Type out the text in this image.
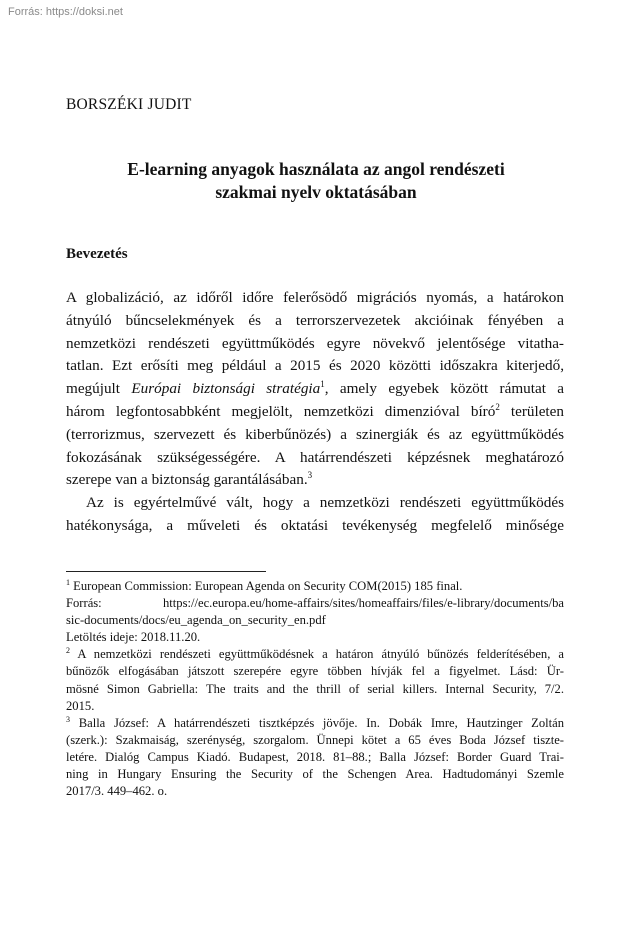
Forrás: https://doksi.net
BORSZÉKI JUDIT
E-learning anyagok használata az angol rendészeti
szakmai nyelv oktatásában
Bevezetés

A globalizáció, az időről időre felerősödő migrációs nyomás, a határokon
átnyúló bűncselekmények és a terrorszervezetek akcióinak fényében a
nemzetközi rendészeti együttműködés egyre növekvő jelentősége vitatha-
tatlan. Ezt erősíti meg például a 2015 és 2020 közötti időszakra kiterjedő,
megújult Európai biztonsági stratégia$^1$, amely egyebek között rámutat a
három legfontosabbként megjelölt, nemzetközi dimenzióval bíró$^2$ területen
(terrorizmus, szervezett és kiberbűnözés) a szinergiák és az együttműködés
fokozásának szükségességére. A határrendészeti képzésnek meghatározó
szerepe van a biztonság garantálásában.$^3$

Az is egyértelművé vált, hogy a nemzetközi rendészeti együttműködés
hatékonysága, a műveleti és oktatási tevékenység megfelelő minősége

$^1$ European Commission: European Agenda on Security COM(2015) 185 final.
Forrás: https://ec.europa.eu/home-affairs/sites/homeaffairs/files/e-library/documents/ba
sic-documents/docs/eu_agenda_on_security_en.pdf
Letöltés ideje: 2018.11.20.
$^2$ A nemzetközi rendészeti együttműködésnek a határon átnyúló bűnözés felderítésében, a
bűnözők elfogásában játszott szerepére egyre többen hívják fel a figyelmet. Lásd: Ür-
mösné Simon Gabriella: The traits and the thrill of serial killers. Internal Security, 7/2.
2015.
$^3$ Balla József: A határrendészeti tisztképzés jövője. In. Dobák Imre, Hautzinger Zoltán
(szerk.): Szakmaiság, szerénység, szorgalom. Ünnepi kötet a 65 éves Boda József tiszte-
letére. Dialóg Campus Kiadó. Budapest, 2018. 81–88.; Balla József: Border Guard Trai-
ning in Hungary Ensuring the Security of the Schengen Area. Hadtudományi Szemle
2017/3. 449–462. o.
